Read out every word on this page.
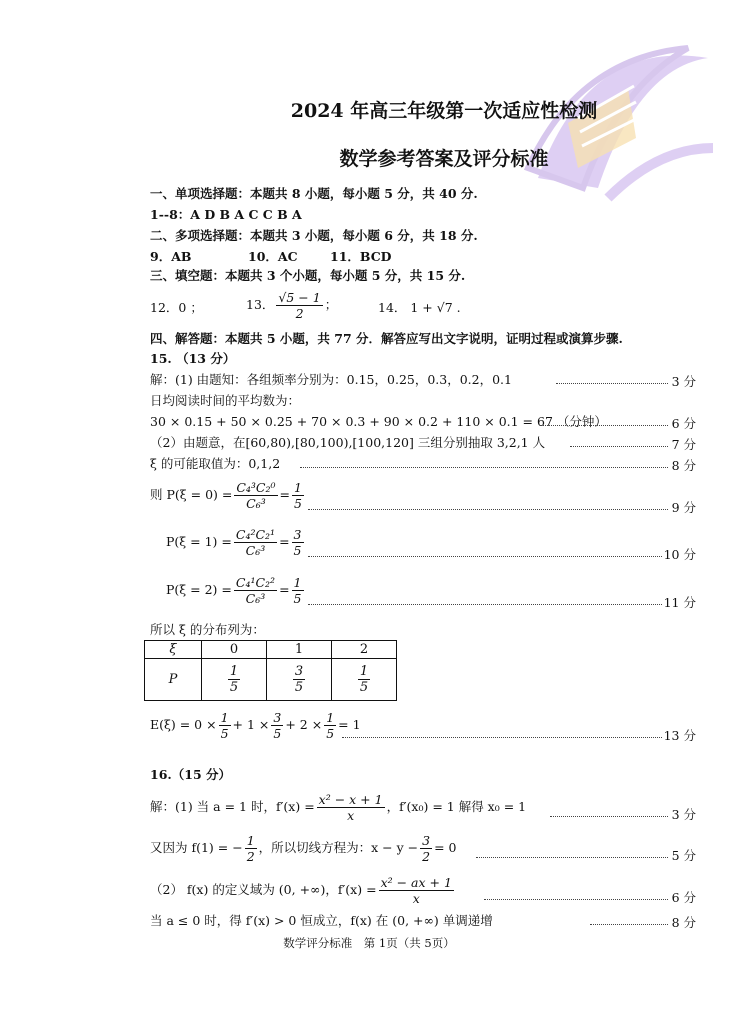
2024 年高三年级第一次适应性检测
数学参考答案及评分标准
一、单项选择题：本题共 8 小题，每小题 5 分，共 40 分.
1--8：A D B A C C B A
二、多项选择题：本题共 3 小题，每小题 6 分，共 18 分.
9．AB	10．AC	11．BCD
三、填空题：本题共 3 个小题，每小题 5 分，共 15 分.
12．0 ；	13． $\frac{√5 - 1}{2}$ ；	14． 1 + √7 .
四、解答题：本题共 5 小题，共 77 分．解答应写出文字说明，证明过程或演算步骤.
15. （13 分）
解：(1) 由题知：各组频率分别为：0.15，0.25，0.3，0.2，0.1	3 分
日均阅读时间的平均数为：
30 × 0.15 + 50 × 0.25 + 70 × 0.3 + 90 × 0.2 + 110 × 0.1 = 67 （分钟）	6 分
（2）由题意，在[60,80),[80,100),[100,120] 三组分别抽取 3,2,1 人	7 分
ξ 的可能取值为：0,1,2	8 分
则 $P(\xi = 0) = \frac{\text{C₄³C₂⁰}}{\text{C₆³}} = \frac{1}{5}$	9 分
$P(\xi = 1) = \frac{\text{C₄²C₂¹}}{\text{C₆³}} = \frac{3}{5}$	10 分
$P(\xi = 2) = \frac{\text{C₄¹C₂²}}{\text{C₆³}} = \frac{1}{5}$	11 分
所以 ξ 的分布列为：
ξ	0	1	2
P	$\frac{1}{5}$	$\frac{3}{5}$	$\frac{1}{5}$
$E(\xi) = 0 \times \frac{1}{5} + 1 \times \frac{3}{5} + 2 \times \frac{1}{5} = 1$
13 分
16.（15 分）
解：(1) 当 a = 1 时，$f'(x) = \frac{\text{x² − x + 1}}{x}$ ，f′(x₀) = 1 解得 x₀ = 1
3 分
又因为 f(1) = − $\frac{1}{2}$ ，所以切线方程为：$x - y - \frac{3}{2} = 0$
5 分
（2） f(x) 的定义域为 (0, +∞)，$f'(x) = \frac{\text{x² − ax + 1}}{x}$	6 分
当 a ≤ 0 时，得 f′(x) > 0 恒成立，f(x) 在 (0, +∞) 单调递增	8 分
数学评分标准　第 1页（共 5页）
